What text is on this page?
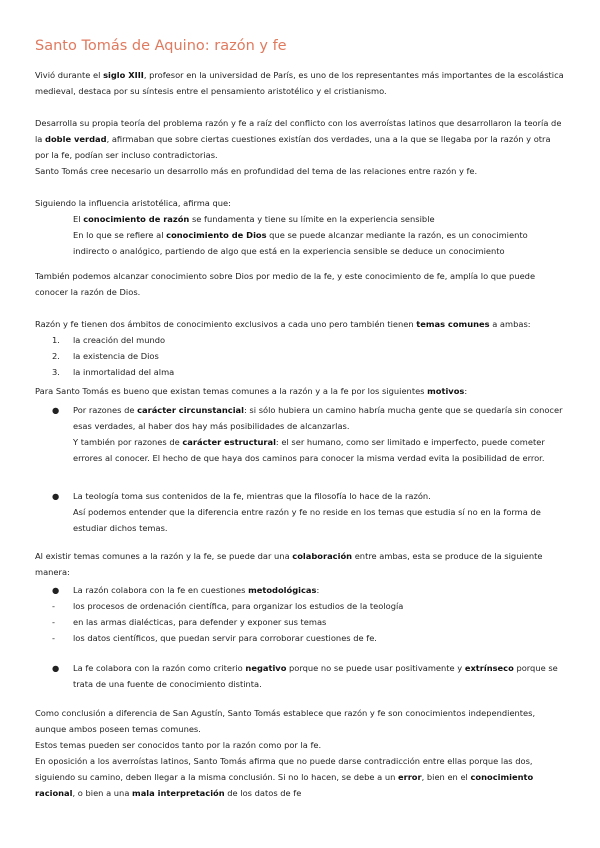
Santo Tomás de Aquino: razón y fe

Vivió durante el siglo XIII, profesor en la universidad de París, es uno de los representantes más importantes de la escolástica medieval, destaca por su síntesis entre el pensamiento aristotélico y el cristianismo.

Desarrolla su propia teoría del problema razón y fe a raíz del conflicto con los averroístas latinos que desarrollaron la teoría de la doble verdad, afirmaban que sobre ciertas cuestiones existían dos verdades, una a la que se llegaba por la razón y otra por la fe, podían ser incluso contradictorias.

Santo Tomás cree necesario un desarrollo más en profundidad del tema de las relaciones entre razón y fe.

Siguiendo la influencia aristotélica, afirma que:

El conocimiento de razón se fundamenta y tiene su límite en la experiencia sensible

En lo que se refiere al conocimiento de Dios que se puede alcanzar mediante la razón, es un conocimiento indirecto o analógico, partiendo de algo que está en la experiencia sensible se deduce un conocimiento

También podemos alcanzar conocimiento sobre Dios por medio de la fe, y este conocimiento de fe, amplía lo que puede conocer la razón de Dios.

Razón y fe tienen dos ámbitos de conocimiento exclusivos a cada uno pero también tienen temas comunes a ambas:

1. la creación del mundo
2. la existencia de Dios
3. la inmortalidad del alma

Para Santo Tomás es bueno que existan temas comunes a la razón y a la fe por los siguientes motivos:

● Por razones de carácter circunstancial: si sólo hubiera un camino habría mucha gente que se quedaría sin conocer esas verdades, al haber dos hay más posibilidades de alcanzarlas.

Y también por razones de carácter estructural: el ser humano, como ser limitado e imperfecto, puede cometer errores al conocer. El hecho de que haya dos caminos para conocer la misma verdad evita la posibilidad de error.

● La teología toma sus contenidos de la fe, mientras que la filosofía lo hace de la razón.

Así podemos entender que la diferencia entre razón y fe no reside en los temas que estudia sí no en la forma de estudiar dichos temas.

Al existir temas comunes a la razón y la fe, se puede dar una colaboración entre ambas, esta se produce de la siguiente manera:

● La razón colabora con la fe en cuestiones metodológicas:

- los procesos de ordenación científica, para organizar los estudios de la teología
- en las armas dialécticas, para defender y exponer sus temas
- los datos científicos, que puedan servir para corroborar cuestiones de fe.
● La fe colabora con la razón como criterio negativo porque no se puede usar positivamente y extrínseco porque se trata de una fuente de conocimiento distinta.

Como conclusión a diferencia de San Agustín, Santo Tomás establece que razón y fe son conocimientos independientes, aunque ambos poseen temas comunes.

Estos temas pueden ser conocidos tanto por la razón como por la fe.

En oposición a los averroístas latinos, Santo Tomás afirma que no puede darse contradicción entre ellas porque las dos, siguiendo su camino, deben llegar a la misma conclusión. Si no lo hacen, se debe a un error, bien en el conocimiento racional, o bien a una mala interpretación de los datos de fe
